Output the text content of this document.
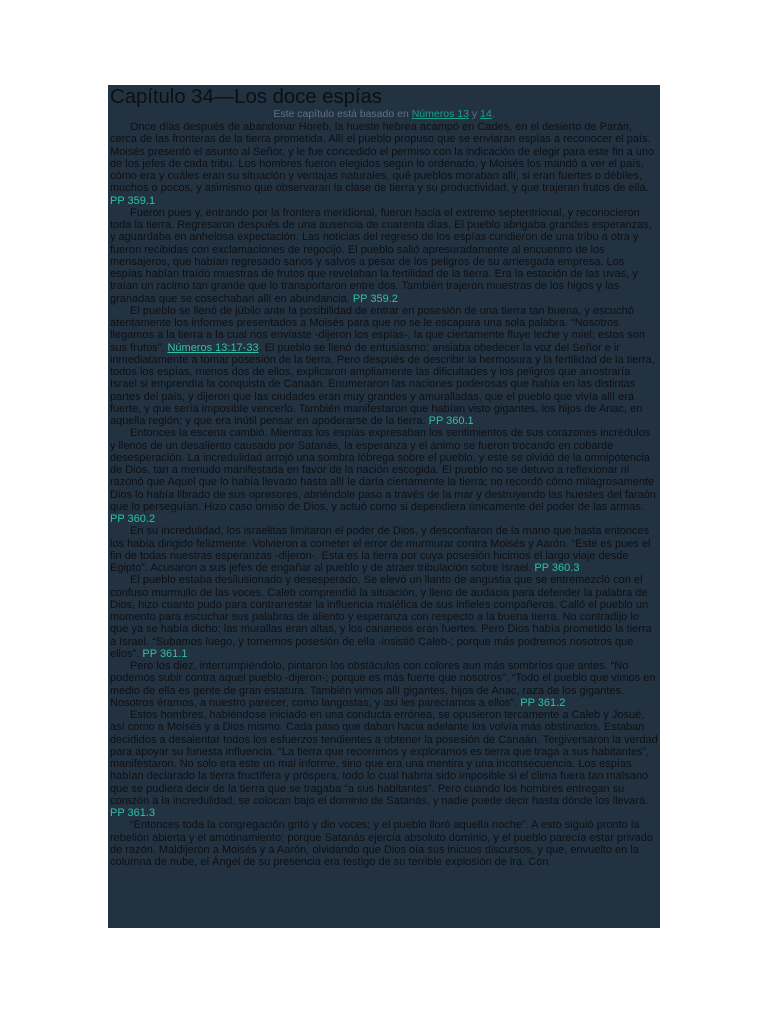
Capítulo 34—Los doce espías
Este capítulo está basado en Números 13 y 14.

Once días después de abandonar Horeb, la hueste hebrea acampó en Cades, en el desierto de Parán, cerca de las fronteras de la tierra prometida. Allí el pueblo propuso que se enviaran espías a reconocer el país. Moisés presentó el asunto al Señor, y le fue concedido el permiso con la indicación de elegir para este fin a uno de los jefes de cada tribu. Los hombres fueron elegidos según lo ordenado, y Moisés los mandó a ver el país, cómo era y cuáles eran su situación y ventajas naturales, qué pueblos moraban allí, si eran fuertes o débiles, muchos o pocos, y asimismo que observaran la clase de tierra y su productividad, y que trajeran frutos de ella. PP 359.1

Fueron pues y, entrando por la frontera meridional, fueron hacia el extremo septentrional, y reconocieron toda la tierra. Regresaron después de una ausencia de cuarenta días. El pueblo abrigaba grandes esperanzas, y aguardaba en anhelosa expectación. Las noticias del regreso de los espías cundieron de una tribu a otra y fueron recibidas con exclamaciones de regocijo. El pueblo salió apresuradamente al encuentro de los mensajeros, que habían regresado sanos y salvos a pesar de los peligros de su arriesgada empresa. Los espías habían traído muestras de frutos que revelaban la fertilidad de la tierra. Era la estación de las uvas, y traían un racimo tan grande que lo transportaron entre dos. También trajeron muestras de los higos y las granadas que se cosechaban allí en abundancia. PP 359.2

El pueblo se llenó de júbilo ante la posibilidad de entrar en posesión de una tierra tan buena, y escuchó atentamente los informes presentados a Moisés para que no se le escapara una sola palabra. “Nosotros llegamos a la tierra a la cual nos enviaste -dijeron los espías-, la que ciertamente fluye leche y miel; estos son sus frutos”. Números 13:17-33. El pueblo se llenó de entusiasmo; ansiaba obedecer la voz del Señor e ir inmediatamente a tomar posesión de la tierra. Pero después de describir la hermosura y la fertilidad de la tierra, todos los espías, menos dos de ellos, explicaron ampliamente las dificultades y los peligros que arrostraría Israel si emprendía la conquista de Canaán. Enumeraron las naciones poderosas que había en las distintas partes del país, y dijeron que las ciudades eran muy grandes y amuralladas, que el pueblo que vivía allí era fuerte, y que sería imposible vencerlo. También manifestaron que habían visto gigantes, los hijos de Anac, en aquella región; y que era inútil pensar en apoderarse de la tierra. PP 360.1

Entonces la escena cambió. Mientras los espías expresaban los sentimientos de sus corazones incrédulos y llenos de un desaliento causado por Satanás, la esperanza y el ánimo se fueron trocando en cobarde desesperación. La incredulidad arrojó una sombra lóbrega sobre el pueblo, y este se olvidó de la omnipotencia de Dios, tan a menudo manifestada en favor de la nación escogida. El pueblo no se detuvo a reflexionar ni razonó que Aquel que lo había llevado hasta allí le daría ciertamente la tierra; no recordó cómo milagrosamente Dios lo había librado de sus opresores, abriéndole paso a través de la mar y destruyendo las huestes del faraón que lo perseguían. Hizo caso omiso de Dios, y actuó como si dependiera únicamente del poder de las armas. PP 360.2

En su incredulidad, los israelitas limitaron el poder de Dios, y desconfiaron de la mano que hasta entonces los había dirigido felizmente. Volvieron a cometer el error de murmurar contra Moisés y Aarón. “Este es pues el fin de todas nuestras esperanzas -dijeron-. Esta es la tierra por cuya posesión hicimos el largo viaje desde Egipto”. Acusaron a sus jefes de engañar al pueblo y de atraer tribulación sobre Israel. PP 360.3

El pueblo estaba desilusionado y desesperado. Se elevó un llanto de angustia que se entremezcló con el confuso murmullo de las voces. Caleb comprendió la situación, y lleno de audacia para defender la palabra de Dios, hizo cuanto pudo para contrarrestar la influencia maléfica de sus infieles compañeros. Calló el pueblo un momento para escuchar sus palabras de aliento y esperanza con respecto a la buena tierra. No contradijo lo que ya se había dicho; las murallas eran altas, y los cananeos eran fuertes. Pero Dios había prometido la tierra a Israel. “Subamos luego, y tomemos posesión de ella -insistió Caleb-; porque más podremos nosotros que ellos”. PP 361.1

Pero los diez, interrumpiéndolo, pintaron los obstáculos con colores aun más sombríos que antes. “No podemos subir contra aquel pueblo -dijeron-; porque es más fuerte que nosotros”. “Todo el pueblo que vimos en medio de ella es gente de gran estatura. También vimos allí gigantes, hijos de Anac, raza de los gigantes. Nosotros éramos, a nuestro parecer, como langostas, y así les parecíamos a ellos”. PP 361.2

Estos hombres, habiéndose iniciado en una conducta errónea, se opusieron tercamente a Caleb y Josué, así como a Moisés y a Dios mismo. Cada paso que daban hacia adelante los volvía más obstinados. Estaban decididos a desalentar todos los esfuerzos tendientes a obtener la posesión de Canaán. Tergiversaron la verdad para apoyar su funesta influencia. “La tierra que recorrimos y exploramos es tierra que traga a sus habitantes”, manifestaron. No solo era este un mal informe, sino que era una mentira y una inconsecuencia. Los espías habían declarado la tierra fructífera y próspera, todo lo cual habría sido imposible si el clima fuera tan malsano que se pudiera decir de la tierra que se tragaba “a sus habitantes”. Pero cuando los hombres entregan su corazón a la incredulidad, se colocan bajo el dominio de Satanás, y nadie puede decir hasta dónde los llevará. PP 361.3

“Entonces toda la congregación gritó y dio voces; y el pueblo lloró aquella noche”. A esto siguió pronto la rebelión abierta y el amotinamiento; porque Satanás ejercía absoluto dominio, y el pueblo parecía estar privado de razón. Maldijeron a Moisés y a Aarón, olvidando que Dios oía sus inicuos discursos, y que, envuelto en la columna de nube, el Ángel de su presencia era testigo de su terrible explosión de ira. Con
